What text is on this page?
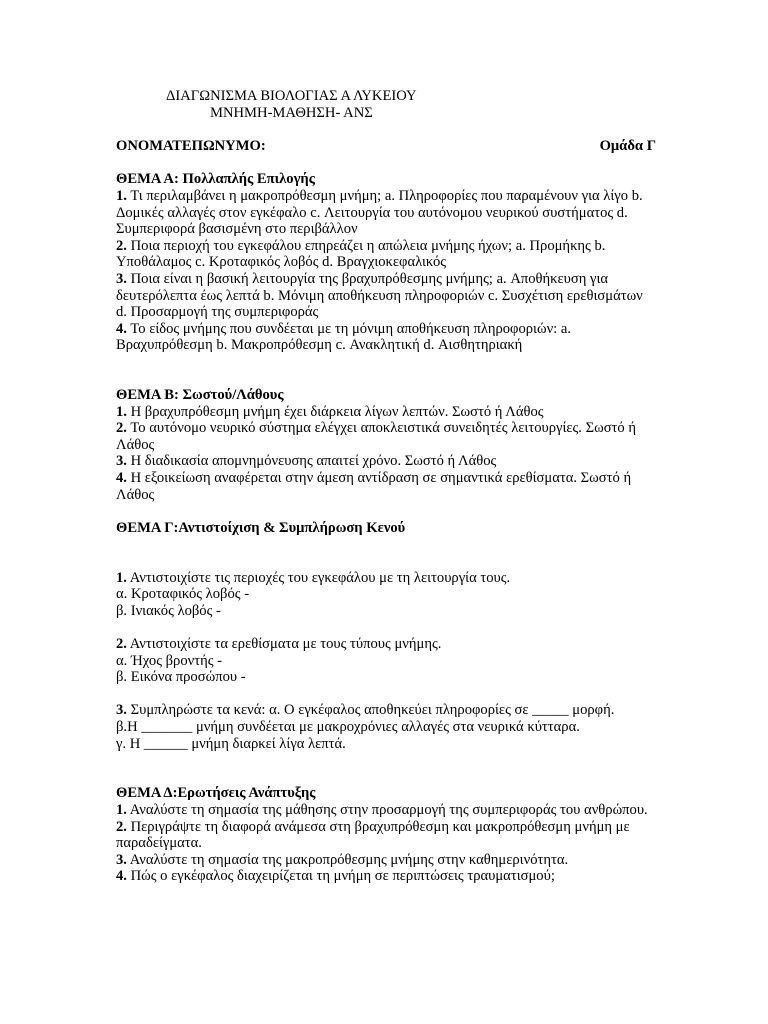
ΔΙΑΓΩΝΙΣΜΑ ΒΙΟΛΟΓΙΑΣ Α ΛΥΚΕΙΟΥ
ΜΝΗΜΗ-ΜΑΘΗΣΗ- ΑΝΣ
ΟΝΟΜΑΤΕΠΩΝΥΜΟ:	Ομάδα Γ

ΘΕΜΑ Α: Πολλαπλής Επιλογής

1. Τι περιλαμβάνει η μακροπρόθεσμη μνήμη; a. Πληροφορίες που παραμένουν για λίγο b. Δομικές αλλαγές στον εγκέφαλο c. Λειτουργία του αυτόνομου νευρικού συστήματος d. Συμπεριφορά βασισμένη στο περιβάλλον

2. Ποια περιοχή του εγκεφάλου επηρεάζει η απώλεια μνήμης ήχων; a. Προμήκης b. Υποθάλαμος c. Κροταφικός λοβός d. Βραγχιοκεφαλικός

3. Ποια είναι η βασική λειτουργία της βραχυπρόθεσμης μνήμης; a. Αποθήκευση για δευτερόλεπτα έως λεπτά b. Μόνιμη αποθήκευση πληροφοριών c. Συσχέτιση ερεθισμάτων d. Προσαρμογή της συμπεριφοράς

4. Το είδος μνήμης που συνδέεται με τη μόνιμη αποθήκευση πληροφοριών: a. Βραχυπρόθεσμη b. Μακροπρόθεσμη c. Ανακλητική d. Αισθητηριακή

ΘΕΜΑ Β: Σωστού/Λάθους

1. Η βραχυπρόθεσμη μνήμη έχει διάρκεια λίγων λεπτών. Σωστό ή Λάθος

2. Το αυτόνομο νευρικό σύστημα ελέγχει αποκλειστικά συνειδητές λειτουργίες. Σωστό ή Λάθος

3. Η διαδικασία απομνημόνευσης απαιτεί χρόνο. Σωστό ή Λάθος

4. Η εξοικείωση αναφέρεται στην άμεση αντίδραση σε σημαντικά ερεθίσματα. Σωστό ή Λάθος

ΘΕΜΑ Γ:Αντιστοίχιση & Συμπλήρωση Κενού

1. Αντιστοιχίστε τις περιοχές του εγκεφάλου με τη λειτουργία τους.

α. Κροταφικός λοβός -

β. Ινιακός λοβός -

2. Αντιστοιχίστε τα ερεθίσματα με τους τύπους μνήμης.

α. Ήχος βροντής -

β. Εικόνα προσώπου -

3. Συμπληρώστε τα κενά: α. Ο εγκέφαλος αποθηκεύει πληροφορίες σε _____ μορφή.

β.Η _______ μνήμη συνδέεται με μακροχρόνιες αλλαγές στα νευρικά κύτταρα.

γ. Η ______ μνήμη διαρκεί λίγα λεπτά.

ΘΕΜΑ Δ:Ερωτήσεις Ανάπτυξης

1. Αναλύστε τη σημασία της μάθησης στην προσαρμογή της συμπεριφοράς του ανθρώπου.

2. Περιγράψτε τη διαφορά ανάμεσα στη βραχυπρόθεσμη και μακροπρόθεσμη μνήμη με παραδείγματα.

3. Αναλύστε τη σημασία της μακροπρόθεσμης μνήμης στην καθημερινότητα.

4. Πώς ο εγκέφαλος διαχειρίζεται τη μνήμη σε περιπτώσεις τραυματισμού;
